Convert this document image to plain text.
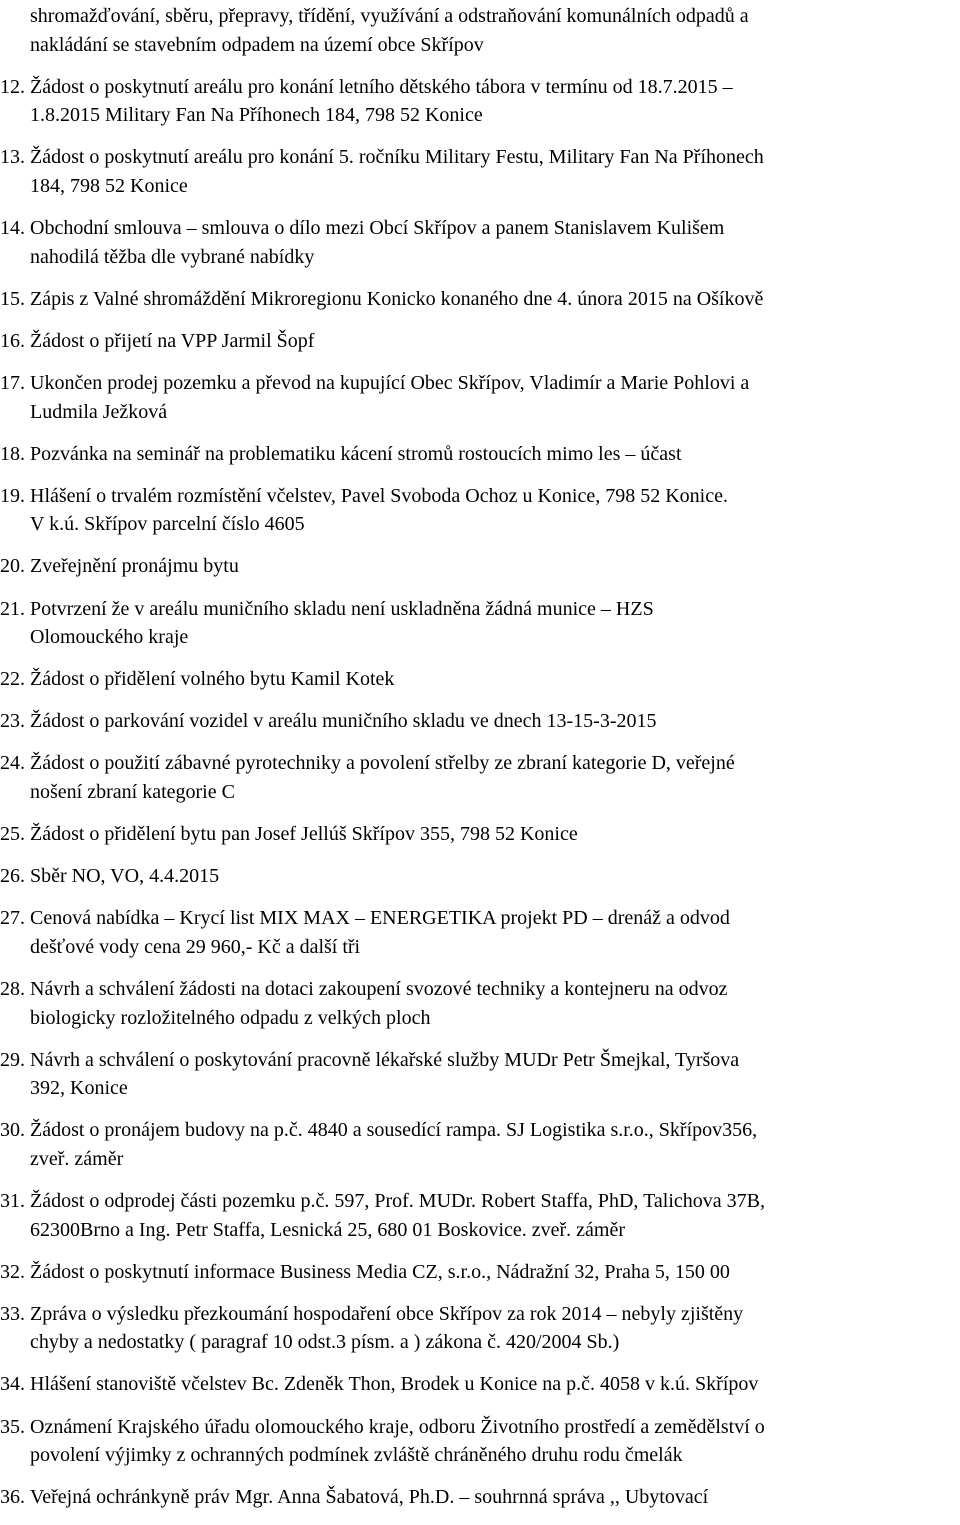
shromažďování, sběru, přepravy, třídění, využívání a odstraňování komunálních odpadů a
nakládání se stavebním odpadem na území obce Skřípov
12. Žádost o poskytnutí areálu pro konání letního dětského tábora v termínu od 18.7.2015 –
1.8.2015 Military Fan Na Příhonech 184, 798 52 Konice
13. Žádost o poskytnutí areálu pro konání 5. ročníku Military Festu, Military Fan Na Příhonech
184, 798 52 Konice
14. Obchodní smlouva – smlouva o dílo mezi Obcí Skřípov a panem Stanislavem Kulišem
nahodilá těžba dle vybrané nabídky
15. Zápis z Valné shromáždění Mikroregionu Konicko konaného dne 4. února 2015 na Ošíkově
16. Žádost o přijetí na VPP Jarmil Šopf
17. Ukončen prodej pozemku a převod na kupující Obec Skřípov, Vladimír a Marie Pohlovi a
Ludmila Ježková
18. Pozvánka na seminář na problematiku kácení stromů rostoucích mimo les – účast
19. Hlášení o trvalém rozmístění včelstev, Pavel Svoboda Ochoz u Konice, 798 52 Konice.
V k.ú. Skřípov parcelní číslo 4605
20. Zveřejnění pronájmu bytu
21. Potvrzení že v areálu muničního skladu není uskladněna žádná munice – HZS
Olomouckého kraje
22. Žádost o přidělení volného bytu Kamil Kotek
23. Žádost o parkování vozidel v areálu muničního skladu ve dnech 13-15-3-2015
24. Žádost o použití zábavné pyrotechniky a povolení střelby ze zbraní kategorie D, veřejné
nošení zbraní kategorie C
25. Žádost o přidělení bytu pan Josef Jellúš Skřípov 355, 798 52 Konice
26. Sběr NO, VO, 4.4.2015
27. Cenová nabídka – Krycí list MIX MAX – ENERGETIKA projekt PD – drenáž a odvod
dešťové vody cena 29 960,- Kč a další tři
28. Návrh a schválení žádosti na dotaci zakoupení svozové techniky a kontejneru na odvoz
biologicky rozložitelného odpadu z velkých ploch
29. Návrh a schválení o poskytování pracovně lékařské služby MUDr Petr Šmejkal, Tyršova
392, Konice
30. Žádost o pronájem budovy na p.č. 4840 a sousedící rampa. SJ Logistika s.r.o., Skřípov356,
zveř. záměr
31. Žádost o odprodej části pozemku p.č. 597, Prof. MUDr. Robert Staffa, PhD, Talichova 37B,
62300Brno a Ing. Petr Staffa, Lesnická 25, 680 01 Boskovice. zveř. záměr
32. Žádost o poskytnutí informace Business Media CZ, s.r.o., Nádražní 32, Praha 5, 150 00
33. Zpráva o výsledku přezkoumání hospodaření obce Skřípov za rok 2014 – nebyly zjištěny
chyby a nedostatky ( paragraf 10 odst.3 písm. a ) zákona č. 420/2004 Sb.)
34. Hlášení stanoviště včelstev Bc. Zdeněk Thon, Brodek u Konice na p.č. 4058 v k.ú. Skřípov
35. Oznámení Krajského úřadu olomouckého kraje, odboru Životního prostředí a zemědělství o
povolení výjimky z ochranných podmínek zvláště chráněného druhu rodu čmelák
36. Veřejná ochránkyně práv Mgr. Anna Šabatová, Ph.D. – souhrnná správa ,, Ubytovací
